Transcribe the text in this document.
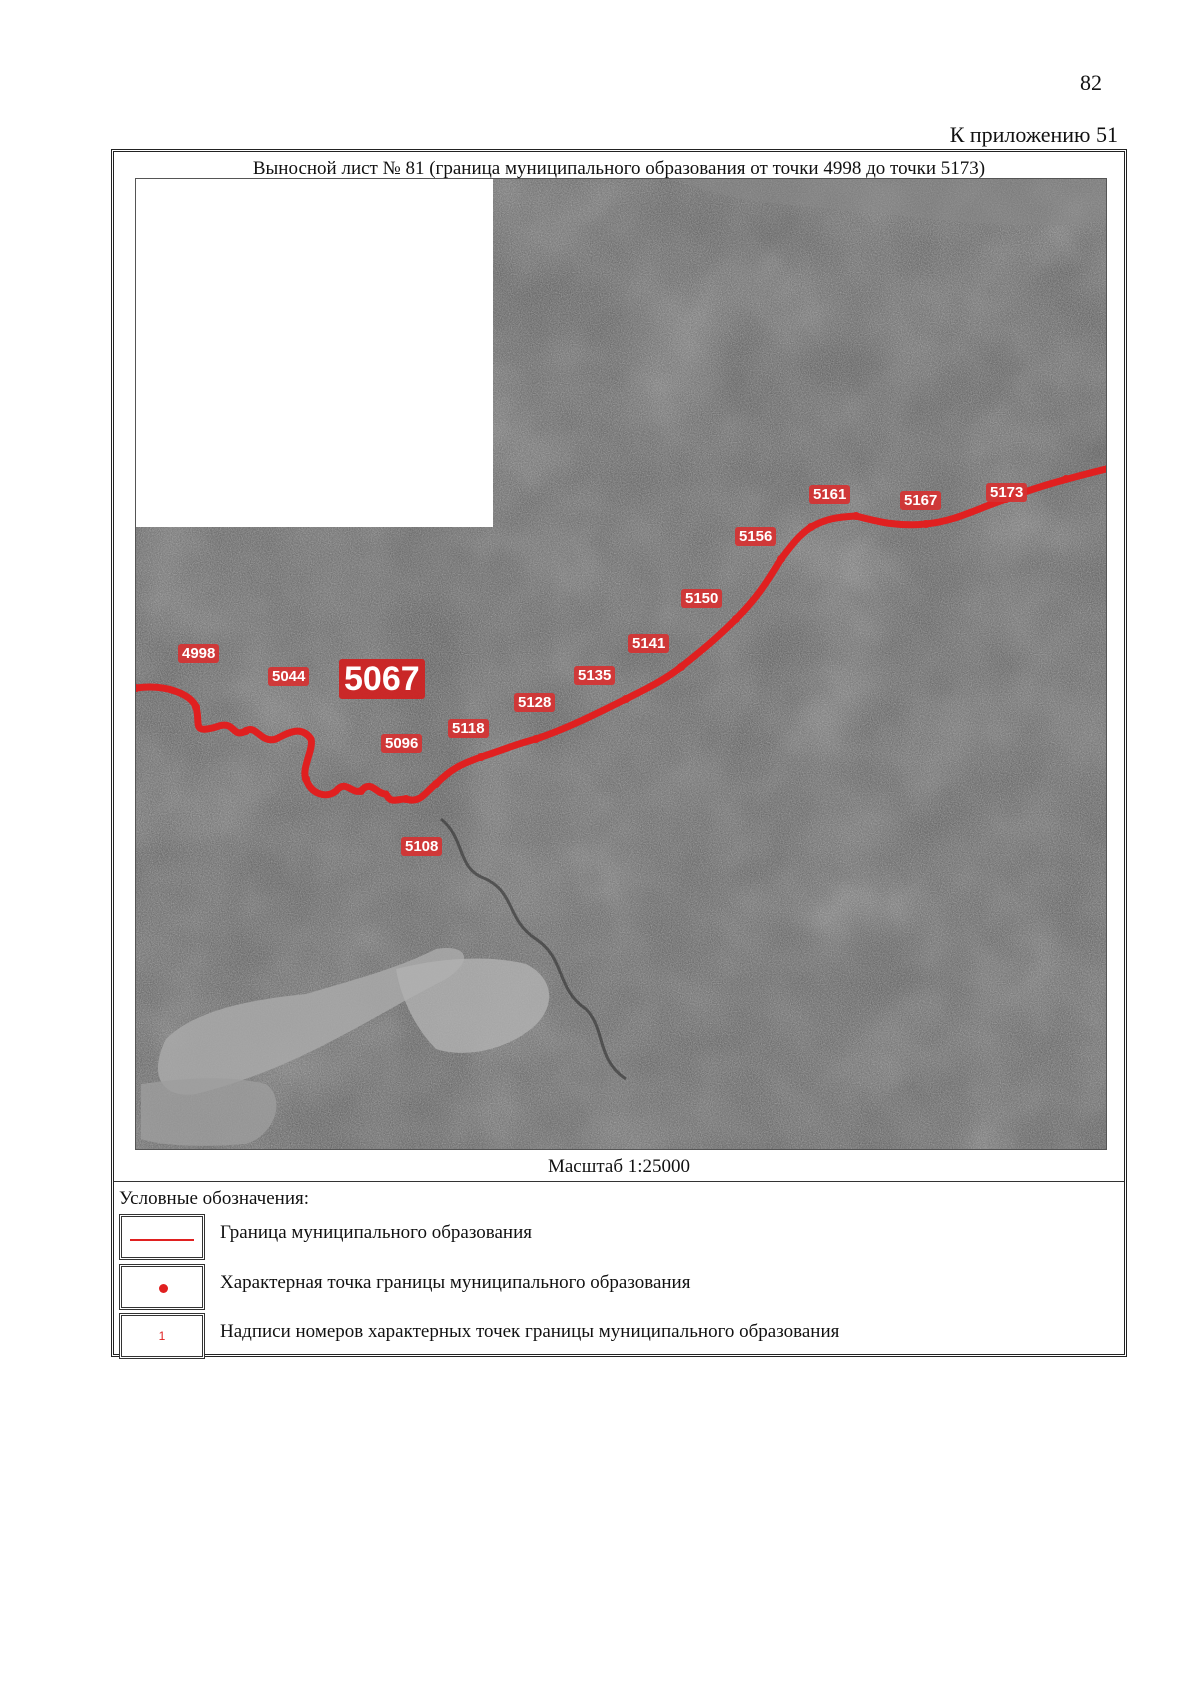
82
К приложению 51
Выносной лист № 81 (граница муниципального образования от точки 4998 до точки 5173)
4998
5044 5067
5096
5108
5118
5128
5135
5141
5150
5156
5161	5167	5173
Масштаб 1:25000
Условные обозначения:
Граница муниципального образования
Характерная точка границы муниципального образования
1	Надписи номеров характерных точек границы муниципального образования
